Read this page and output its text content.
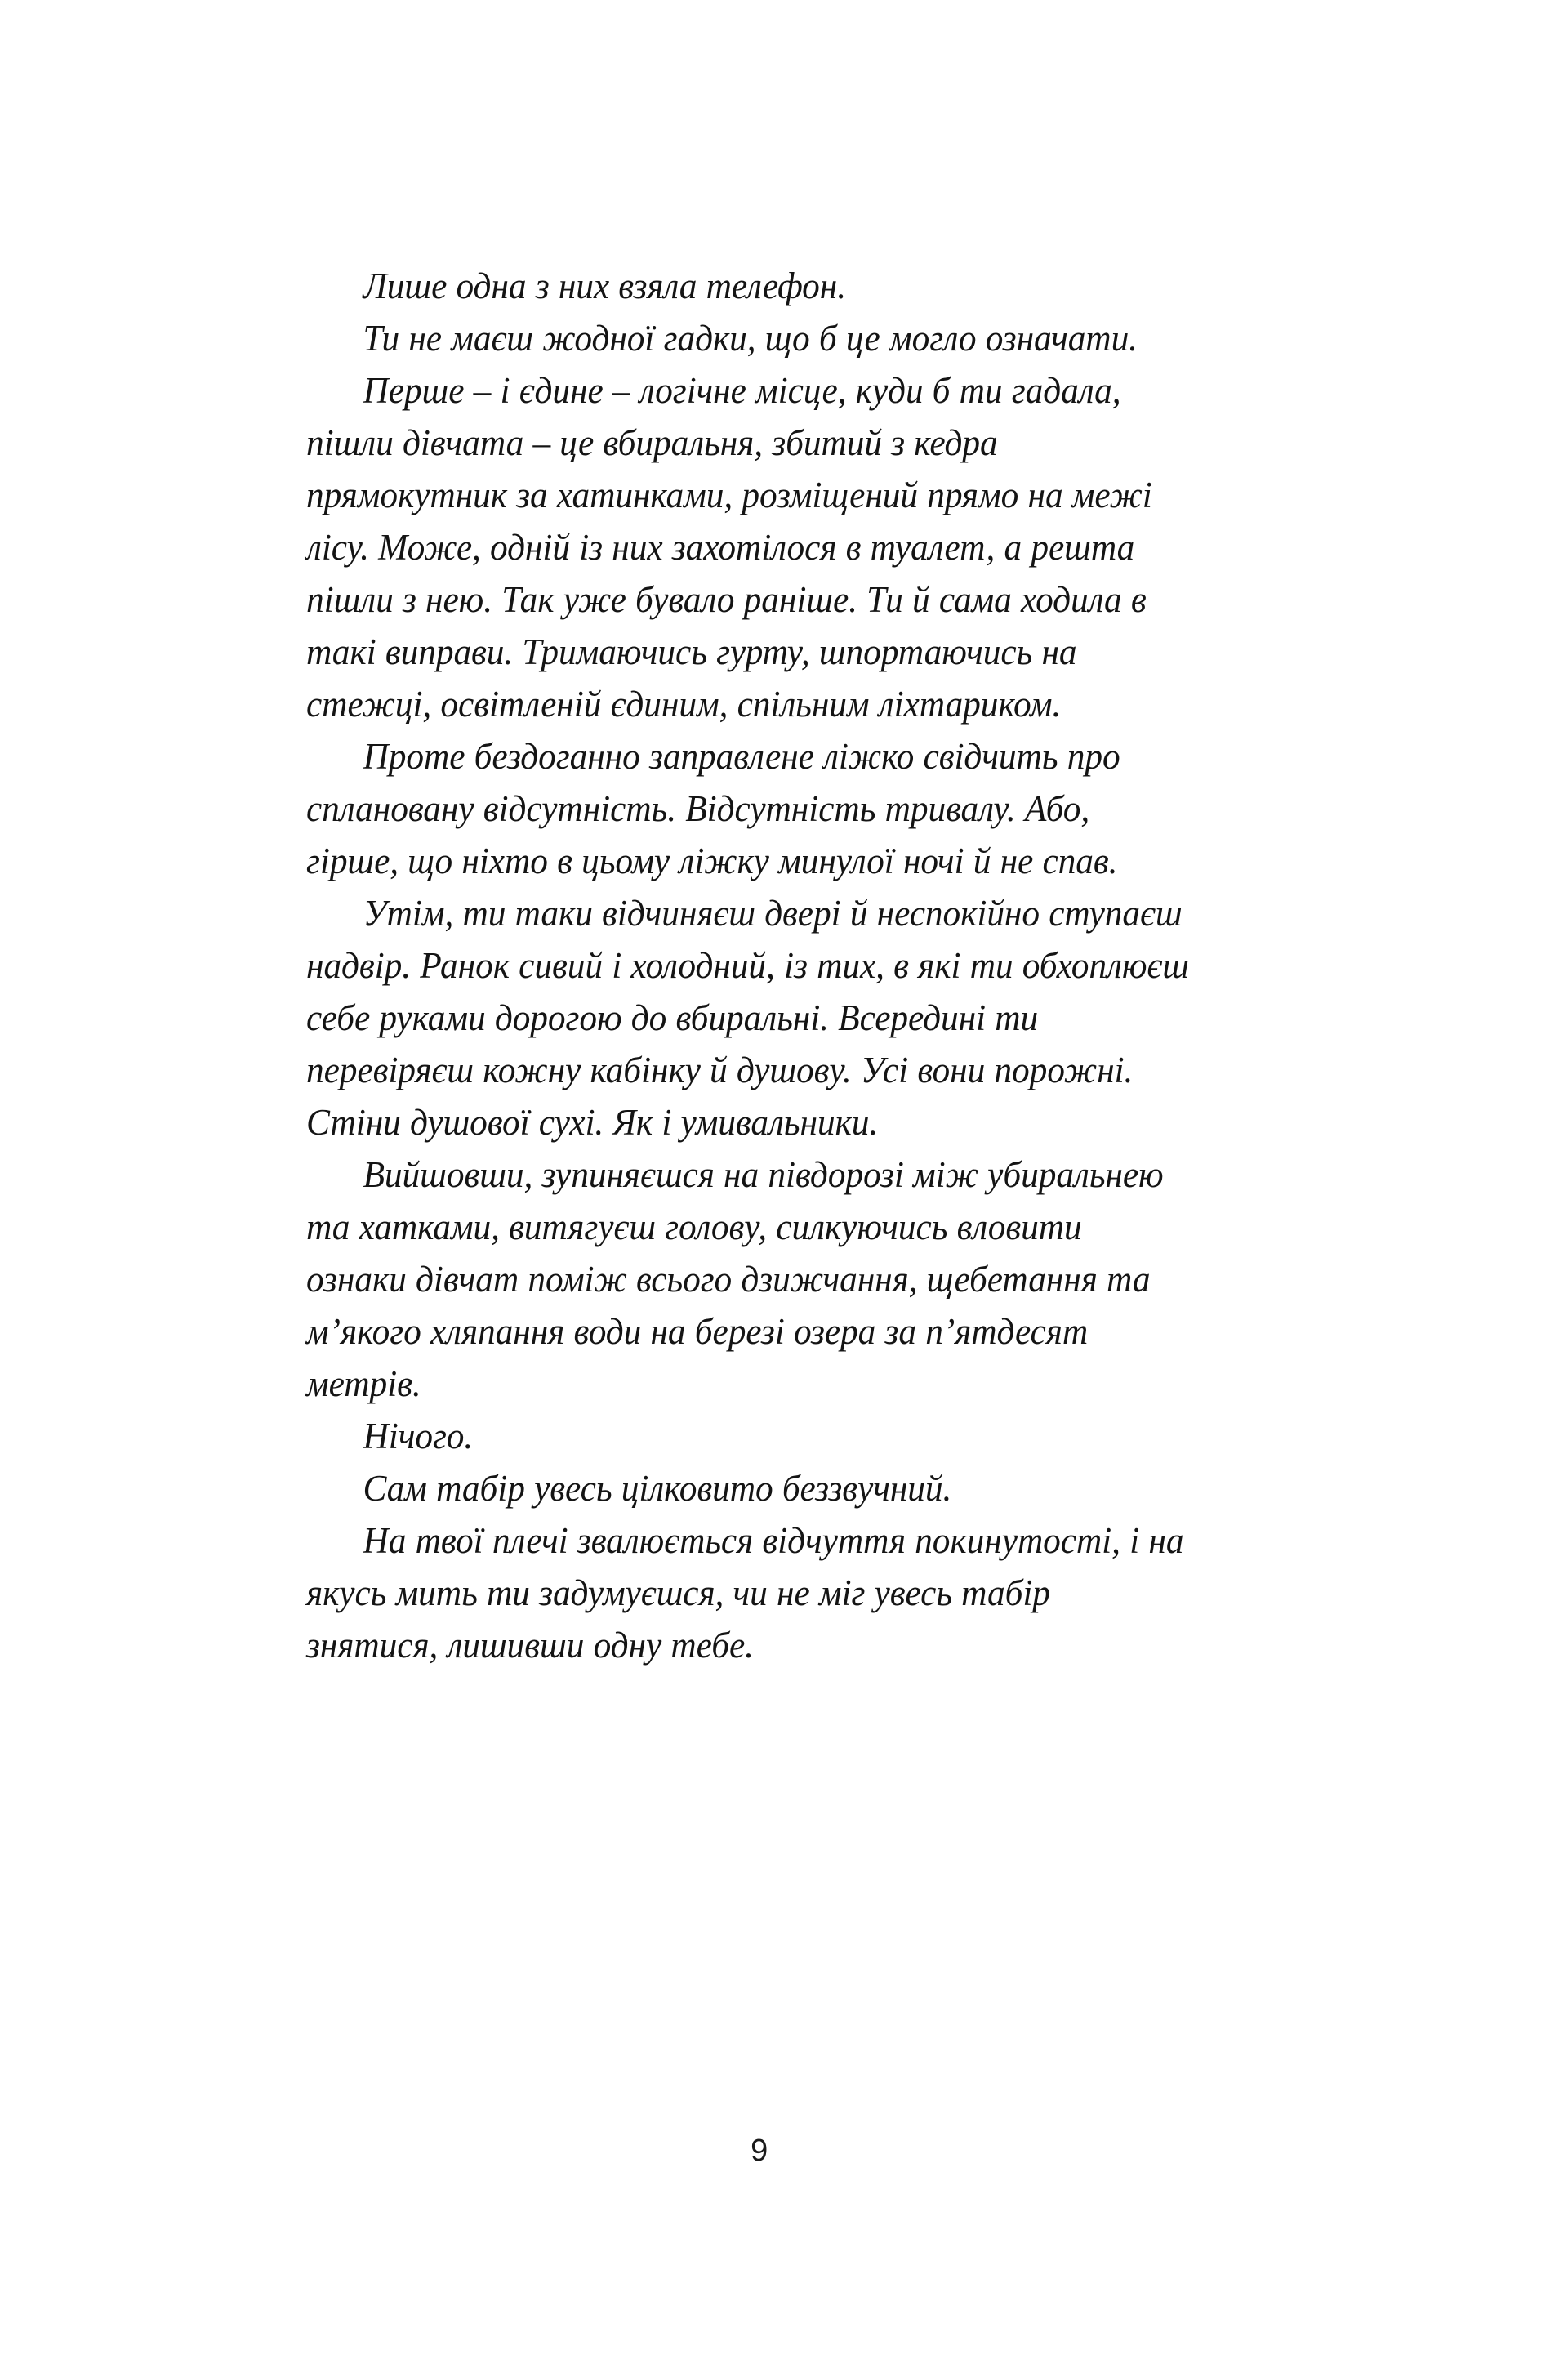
Лише одна з них взяла телефон.

Ти не маєш жодної гадки, що б це могло означати.

Перше – і єдине – логічне місце, куди б ти гадала, пішли дівчата – це вбиральня, збитий з кедра прямокутник за хатинками, розміщений прямо на межі лісу. Може, одній із них захотілося в туалет, а решта пішли з нею. Так уже бувало раніше. Ти й сама ходила в такі виправи. Тримаючись гурту, шпортаючись на стежці, освітленій єдиним, спільним ліхтариком.

Проте бездоганно заправлене ліжко свідчить про сплановану відсутність. Відсутність тривалу. Або, гірше, що ніхто в цьому ліжку минулої ночі й не спав.

Утім, ти таки відчиняєш двері й неспокійно ступаєш надвір. Ранок сивий і холодний, із тих, в які ти обхоплюєш себе руками дорогою до вбиральні. Всередині ти перевіряєш кожну кабінку й душову. Усі вони порожні. Стіни душової сухі. Як і умивальники.

Вийшовши, зупиняєшся на півдорозі між убиральнею та хатками, витягуєш голову, силкуючись вловити ознаки дівчат поміж всього дзижчання, щебетання та м’якого хляпання води на березі озера за п’ятдесят метрів.

Нічого.

Сам табір увесь цілковито беззвучний.

На твої плечі звалюється відчуття покинутості, і на якусь мить ти задумуєшся, чи не міг увесь табір знятися, лишивши одну тебе.

9
